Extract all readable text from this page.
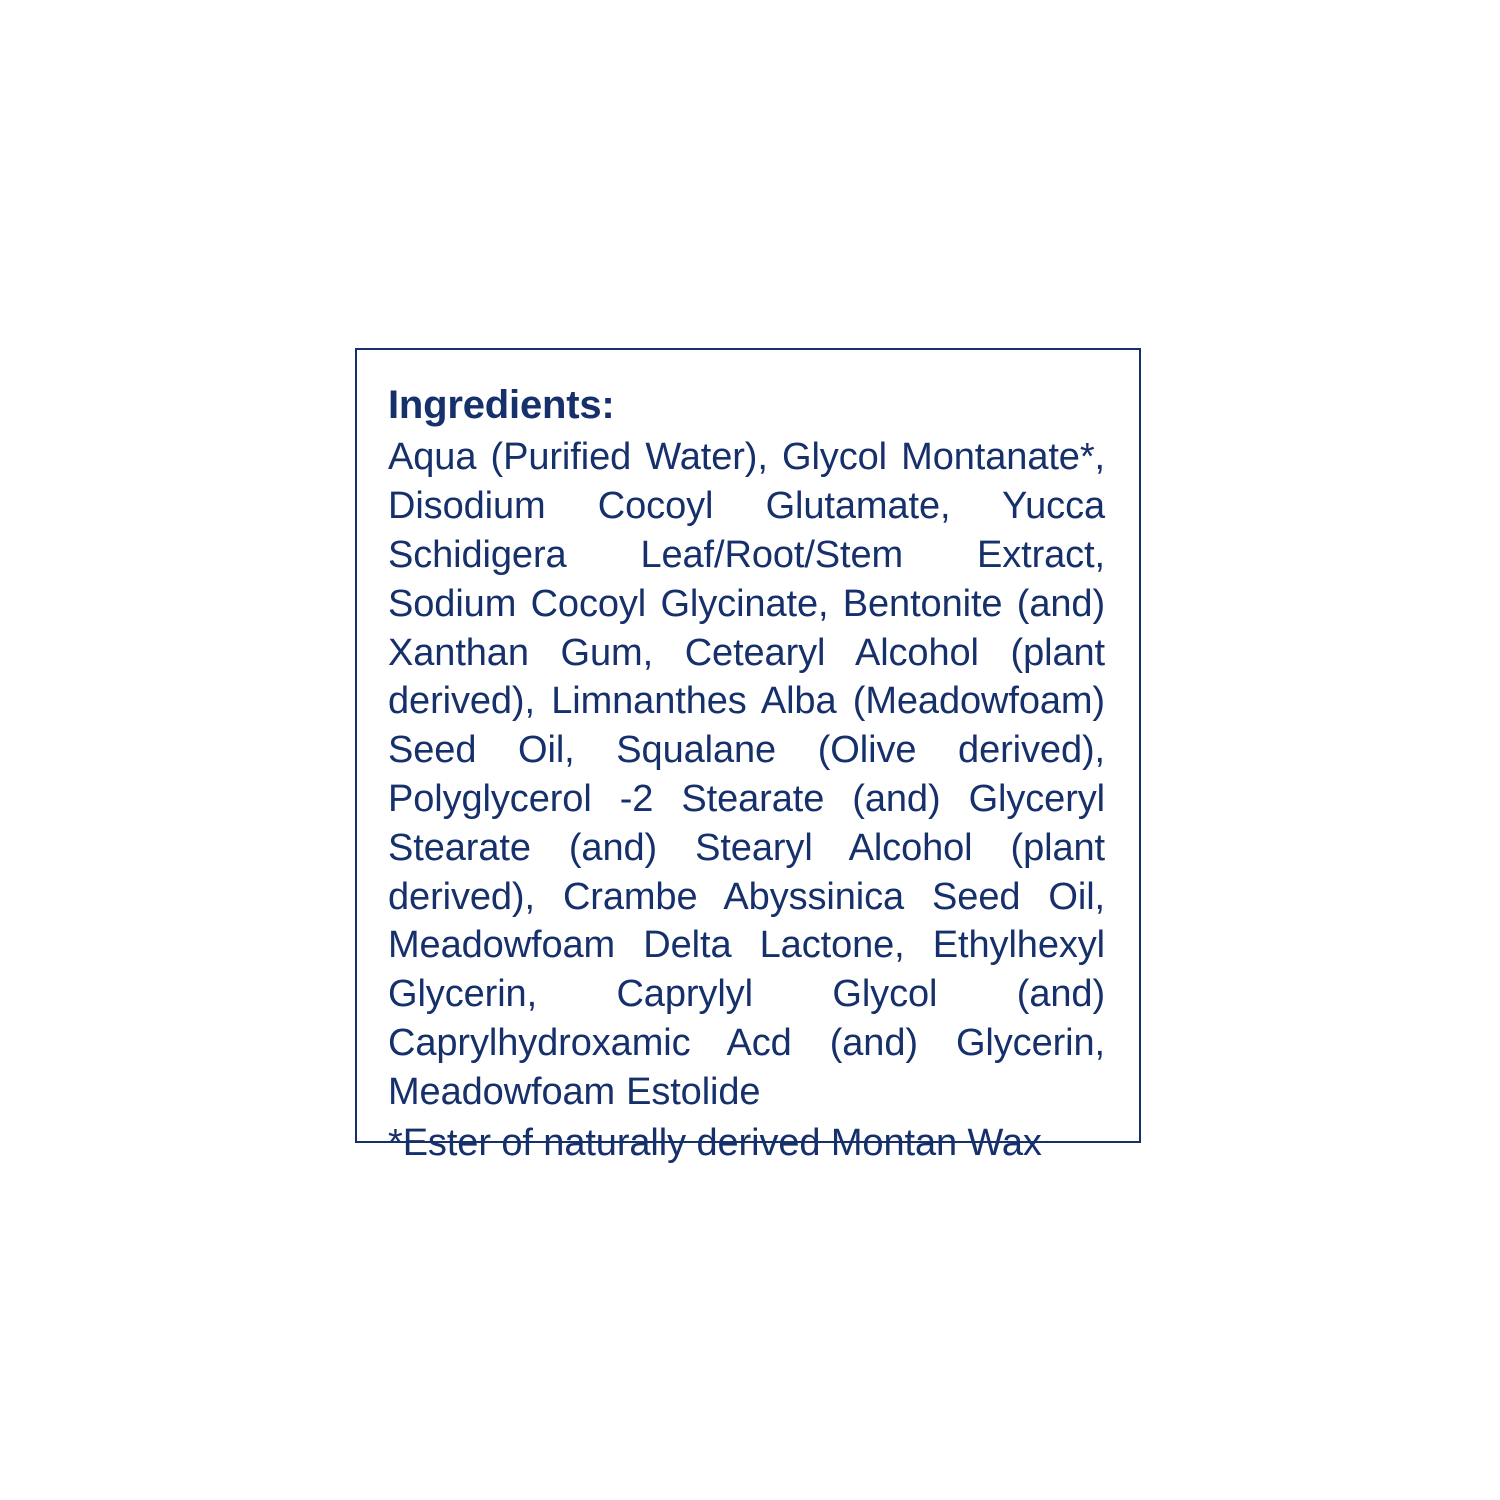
Ingredients:

Aqua (Purified Water), Glycol Montanate*, Disodium Cocoyl Glutamate, Yucca Schidigera Leaf/Root/Stem Extract, Sodium Cocoyl Glycinate, Bentonite (and) Xanthan Gum, Cetearyl Alcohol (plant derived), Limnanthes Alba (Meadowfoam) Seed Oil, Squalane (Olive derived), Polyglycerol -2 Stearate (and) Glyceryl Stearate (and) Stearyl Alcohol (plant derived), Crambe Abyssinica Seed Oil, Meadowfoam Delta Lactone, Ethylhexyl Glycerin, Caprylyl Glycol (and) Caprylhydroxamic Acd (and) Glycerin, Meadowfoam Estolide

*Ester of naturally derived Montan Wax
